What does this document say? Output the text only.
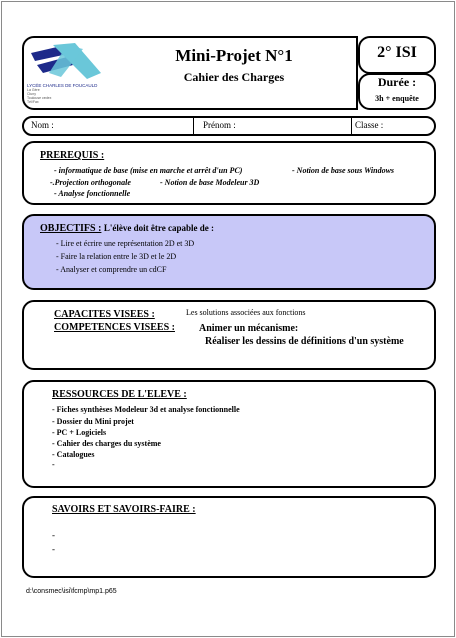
LYCÉE CHARLES DE FOUCAULD
La Gère
Cluny
Toulouse cedex
Tél/Fax
Mini-Projet N°1
Cahier des Charges
2° ISI
Durée :
3h + enquête
Nom :	Prénom :	Classe :
PREREQUIS :
- informatique de base (mise en marche et arrêt d'un PC)	- Notion de base sous Windows
-.Projection orthogonale	- Notion de base Modeleur 3D
- Analyse fonctionnelle
OBJECTIFS : L'élève doit être capable de :
- Lire et écrire une représentation 2D et 3D
- Faire la relation entre le 3D et le 2D
- Analyser et comprendre un cdCF
CAPACITES VISEES :	Les solutions associées aux fonctions
COMPETENCES VISEES : Animer un mécanisme:
Réaliser les dessins de définitions d'un système
RESSOURCES DE L'ELEVE :
- Fiches synthèses Modeleur 3d et analyse fonctionnelle
- Dossier du Mini projet
- PC + Logiciels
- Cahier des charges du système
- Catalogues
-
SAVOIRS ET SAVOIRS-FAIRE :
-
-
d:\consmec\isi\fcmp\mp1.p65
